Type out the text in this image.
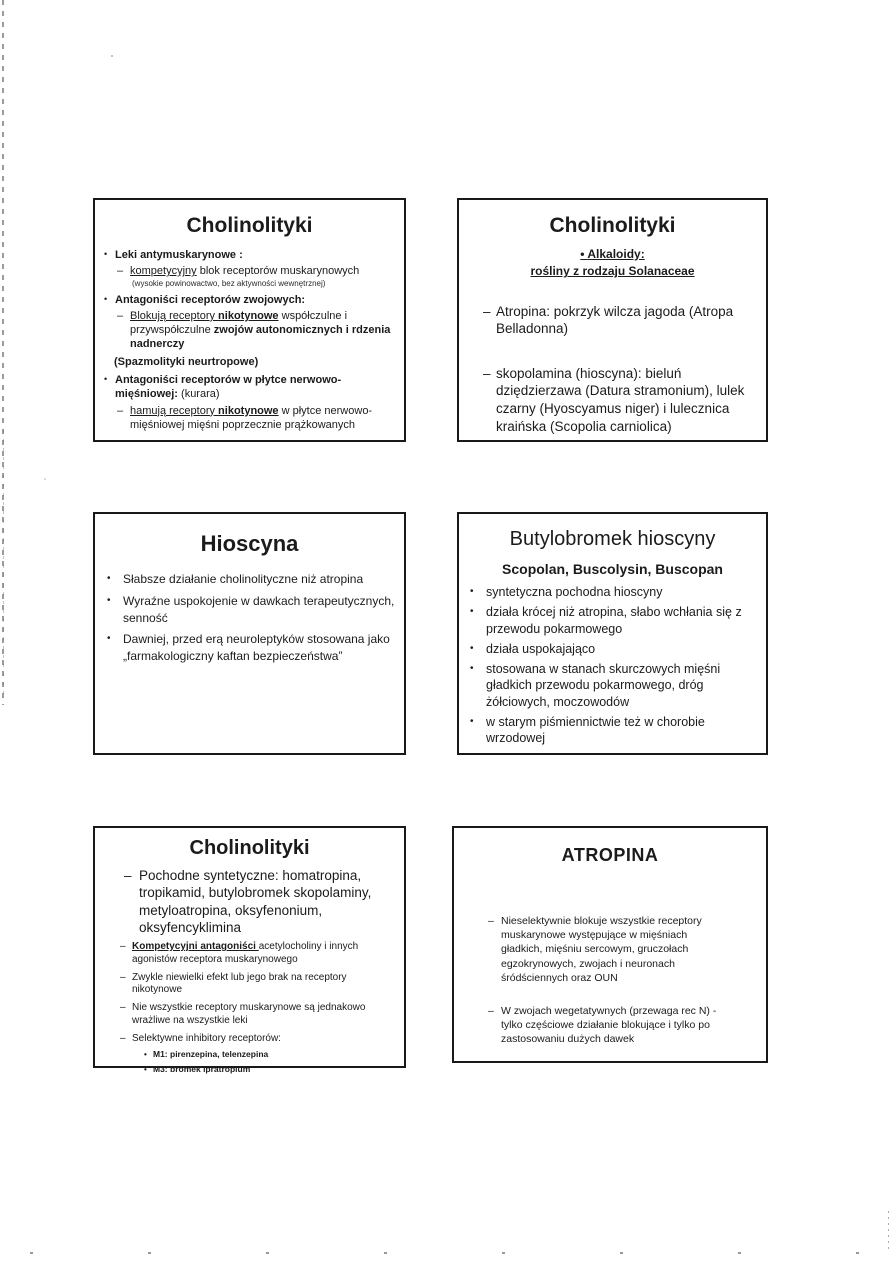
Cholinolityki
• Leki antymuskarynowe :
– kompetycyjny blok receptorów muskarynowych
(wysokie powinowactwo, bez aktywności wewnętrznej)
• Antagoniści receptorów zwojowych:
– Blokują receptory nikotynowe współczulne i przywspółczulne zwojów autonomicznych i rdzenia nadnerczy
(Spazmolityki neurtropowe)
• Antagoniści receptorów w płytce nerwowo-mięśniowej: (kurara)
– hamują receptory nikotynowe w płytce nerwowo-mięśniowej mięśni poprzecznie prążkowanych
Cholinolityki
• Alkaloidy:
rośliny z rodzaju Solanaceae
– Atropina: pokrzyk wilcza jagoda (Atropa Belladonna)
– skopolamina (hioscyna): bieluń dziędzierzawa (Datura stramonium), lulek czarny (Hyoscyamus niger) i lulecznica kraińska (Scopolia carniolica)
Hioscyna
• Słabsze działanie cholinolityczne niż atropina
• Wyraźne uspokojenie w dawkach terapeutycznych, senność
• Dawniej, przed erą neuroleptyków stosowana jako „farmakologiczny kaftan bezpieczeństwa”
Butylobromek hioscyny
Scopolan, Buscolysin, Buscopan
• syntetyczna pochodna hioscyny
• działa krócej niż atropina, słabo wchłania się z przewodu pokarmowego
• działa uspokajająco
• stosowana w stanach skurczowych mięśni gładkich przewodu pokarmowego, dróg żółciowych, moczowodów
• w starym piśmiennictwie też w chorobie wrzodowej
Cholinolityki
– Pochodne syntetyczne: homatropina, tropikamid, butylobromek skopolaminy, metyloatropina, oksyfenonium, oksyfencyklimina
– Kompetycyjni antagoniści acetylocholiny i innych agonistów receptora muskarynowego
– Zwykle niewielki efekt lub jego brak na receptory nikotynowe
– Nie wszystkie receptory muskarynowe są jednakowo wrażliwe na wszystkie leki
– Selektywne inhibitory receptorów:
• M1: pirenzepina, telenzepina
• M3: bromek ipratropium
ATROPINA
– Nieselektywnie blokuje wszystkie receptory muskarynowe występujące w mięśniach gładkich, mięśniu sercowym, gruczołach egzokrynowych, zwojach i neuronach śródściennych oraz OUN
– W zwojach wegetatywnych (przewaga rec N) - tylko częściowe działanie blokujące i tylko po zastosowaniu dużych dawek
